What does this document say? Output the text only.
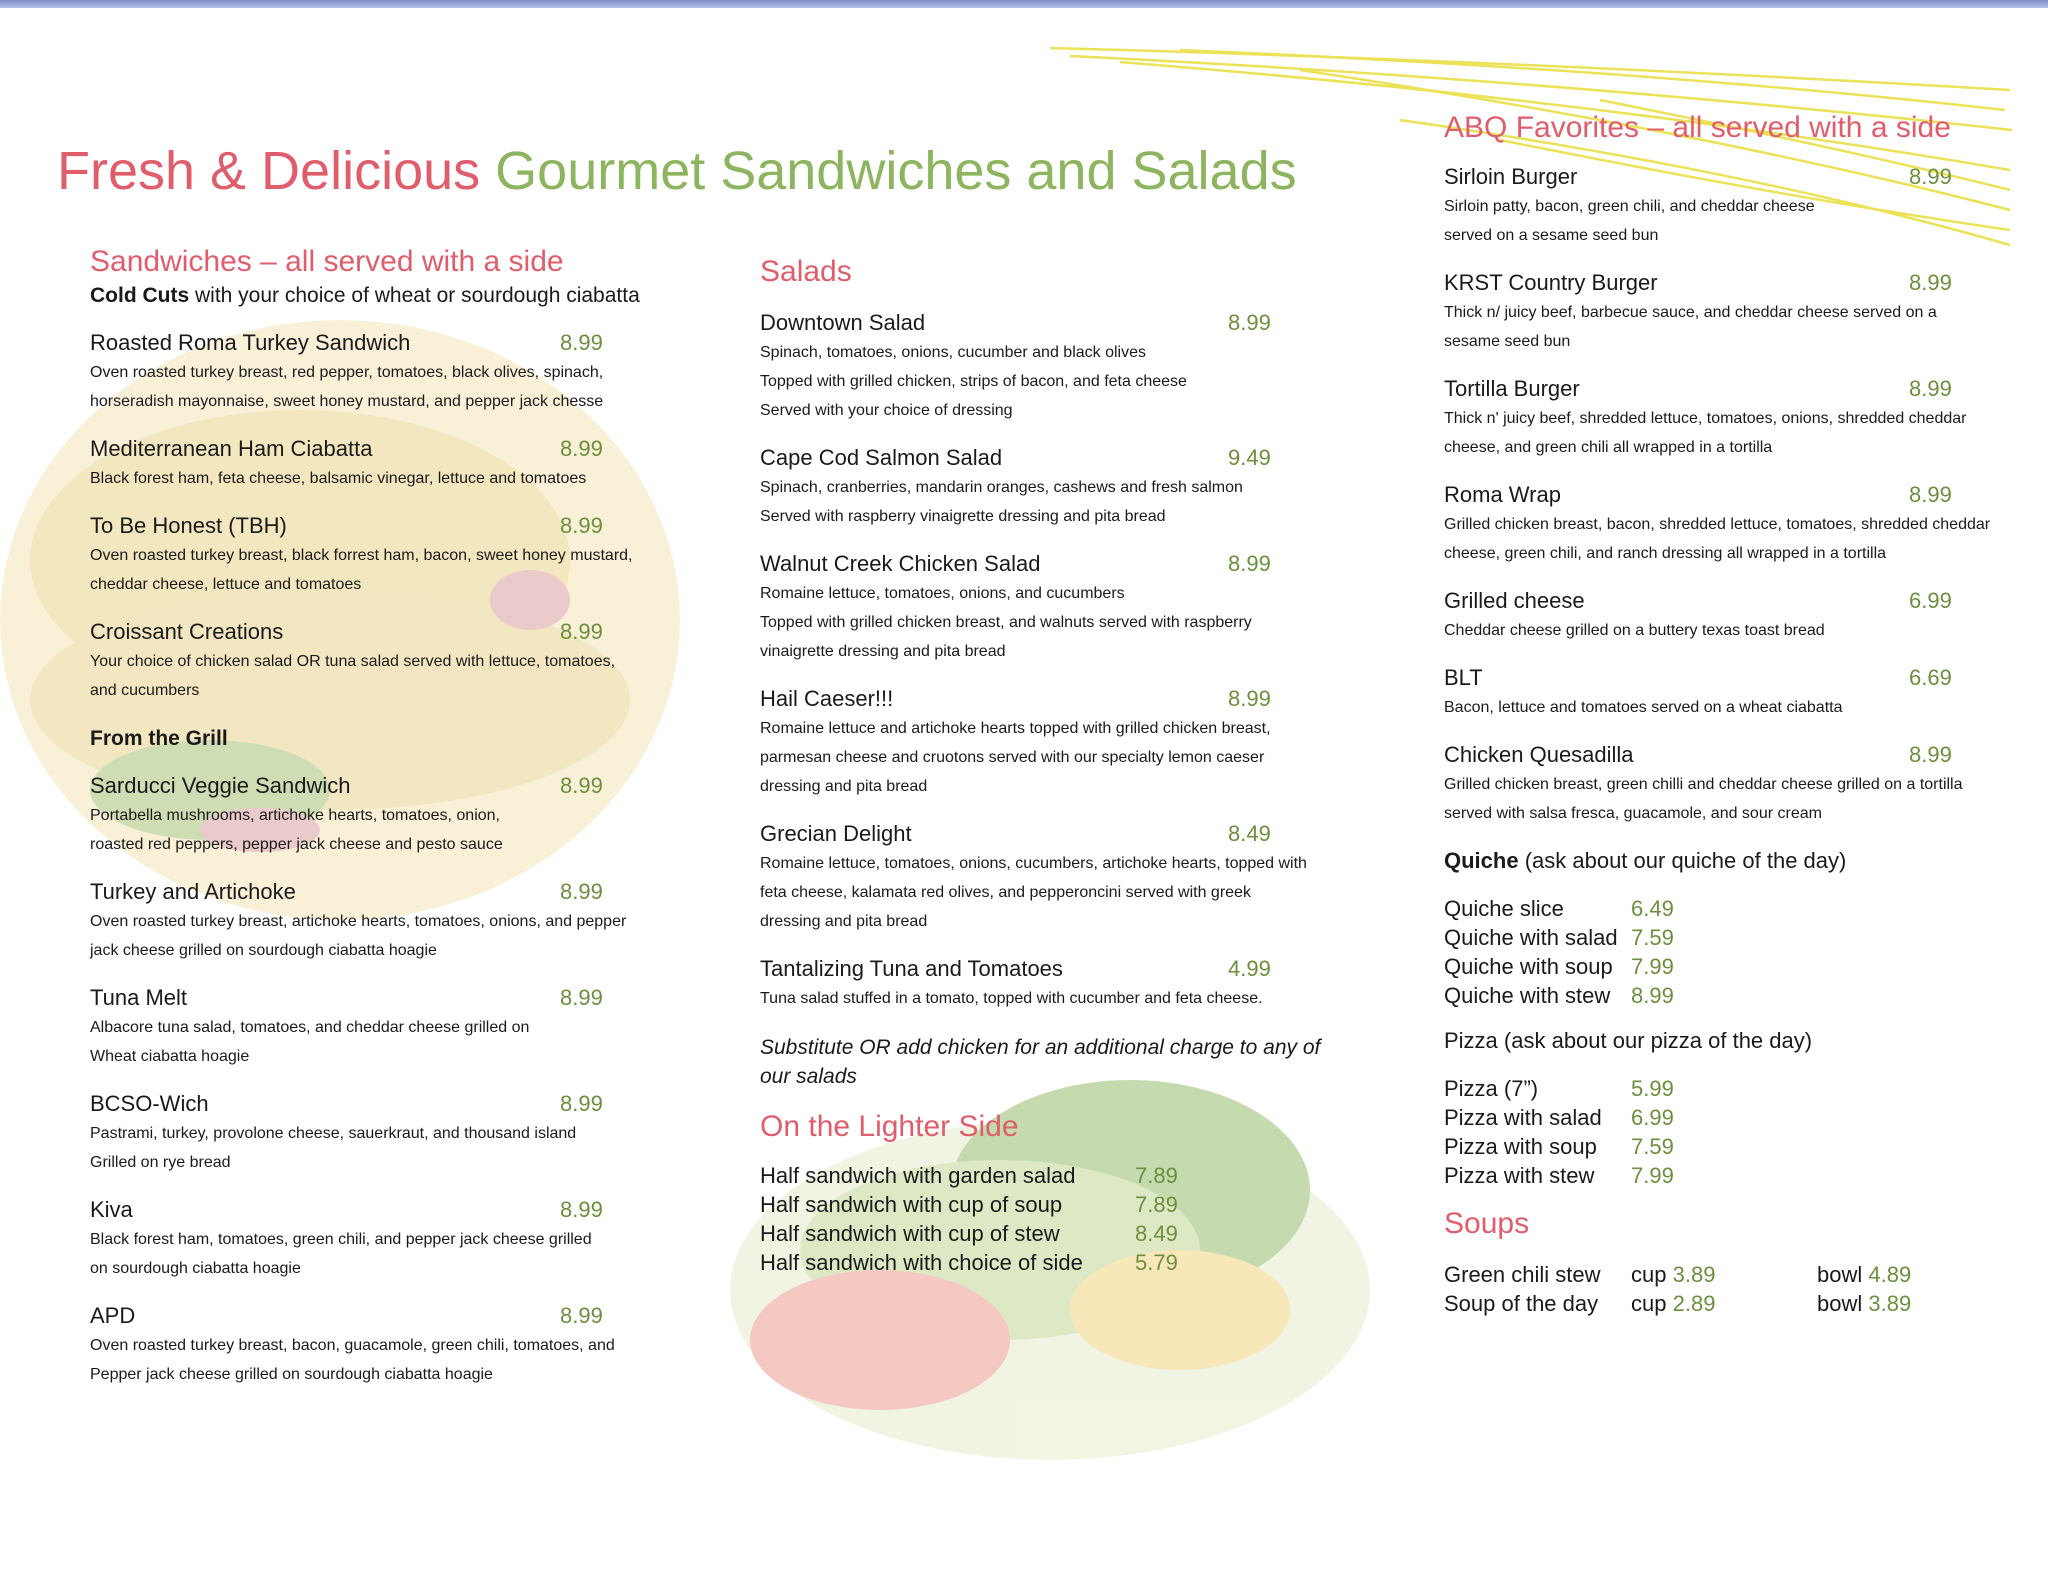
Fresh & Delicious Gourmet Sandwiches and Salads
Sandwiches – all served with a side
Cold Cuts with your choice of wheat or sourdough ciabatta
Roasted Roma Turkey Sandwich	8.99
Oven roasted turkey breast, red pepper, tomatoes, black olives, spinach,
horseradish mayonnaise, sweet honey mustard, and pepper jack chesse
Mediterranean Ham Ciabatta	8.99
Black forest ham, feta cheese, balsamic vinegar, lettuce and tomatoes
To Be Honest (TBH)	8.99
Oven roasted turkey breast, black forrest ham, bacon, sweet honey mustard,
cheddar cheese, lettuce and tomatoes
Croissant Creations	8.99
Your choice of chicken salad OR tuna salad served with lettuce, tomatoes,
and cucumbers
From the Grill
Sarducci Veggie Sandwich	8.99
Portabella mushrooms, artichoke hearts, tomatoes, onion,
roasted red peppers, pepper jack cheese and pesto sauce
Turkey and Artichoke	8.99
Oven roasted turkey breast, artichoke hearts, tomatoes, onions, and pepper
jack cheese grilled on sourdough ciabatta hoagie
Tuna Melt	8.99
Albacore tuna salad, tomatoes, and cheddar cheese grilled on
Wheat ciabatta hoagie
BCSO-Wich	8.99
Pastrami, turkey, provolone cheese, sauerkraut, and thousand island
Grilled on rye bread
Kiva	8.99
Black forest ham, tomatoes, green chili, and pepper jack cheese grilled
on sourdough ciabatta hoagie
APD	8.99
Oven roasted turkey breast, bacon, guacamole, green chili, tomatoes, and
Pepper jack cheese grilled on sourdough ciabatta hoagie
Salads
Downtown Salad	8.99
Spinach, tomatoes, onions, cucumber and black olives
Topped with grilled chicken, strips of bacon, and feta cheese
Served with your choice of dressing
Cape Cod Salmon Salad	9.49
Spinach, cranberries, mandarin oranges, cashews and fresh salmon
Served with raspberry vinaigrette dressing and pita bread
Walnut Creek Chicken Salad	8.99
Romaine lettuce, tomatoes, onions, and cucumbers
Topped with grilled chicken breast, and walnuts served with raspberry
vinaigrette dressing and pita bread
Hail Caeser!!!	8.99
Romaine lettuce and artichoke hearts topped with grilled chicken breast,
parmesan cheese and cruotons served with our specialty lemon caeser
dressing and pita bread
Grecian Delight	8.49
Romaine lettuce, tomatoes, onions, cucumbers, artichoke hearts, topped with
feta cheese, kalamata red olives, and pepperoncini served with greek
dressing and pita bread
Tantalizing Tuna and Tomatoes	4.99
Tuna salad stuffed in a tomato, topped with cucumber and feta cheese.
Substitute OR add chicken for an additional charge to any of our salads
On the Lighter Side
Half sandwich with garden salad	7.89
Half sandwich with cup of soup	7.89
Half sandwich with cup of stew	8.49
Half sandwich with choice of side 5.79
ABQ Favorites – all served with a side
Sirloin Burger	8.99
Sirloin patty, bacon, green chili, and cheddar cheese
served on a sesame seed bun
KRST Country Burger	8.99
Thick n/ juicy beef, barbecue sauce, and cheddar cheese served on a
sesame seed bun
Tortilla Burger	8.99
Thick n' juicy beef, shredded lettuce, tomatoes, onions, shredded cheddar
cheese, and green chili all wrapped in a tortilla
Roma Wrap	8.99
Grilled chicken breast, bacon, shredded lettuce, tomatoes, shredded cheddar
cheese, green chili, and ranch dressing all wrapped in a tortilla
Grilled cheese	6.99
Cheddar cheese grilled on a buttery texas toast bread
BLT	6.69
Bacon, lettuce and tomatoes served on a wheat ciabatta
Chicken Quesadilla	8.99
Grilled chicken breast, green chilli and cheddar cheese grilled on a tortilla
served with salsa fresca, guacamole, and sour cream
Quiche (ask about our quiche of the day)
Quiche slice	6.49
Quiche with salad 7.59
Quiche with soup 7.99
Quiche with stew 8.99
Pizza (ask about our pizza of the day)
Pizza (7”)	5.99
Pizza with salad 6.99
Pizza with soup 7.59
Pizza with stew 7.99
Soups
Green chili stew cup 3.89	bowl 4.89
Soup of the day cup 2.89	bowl 3.89
